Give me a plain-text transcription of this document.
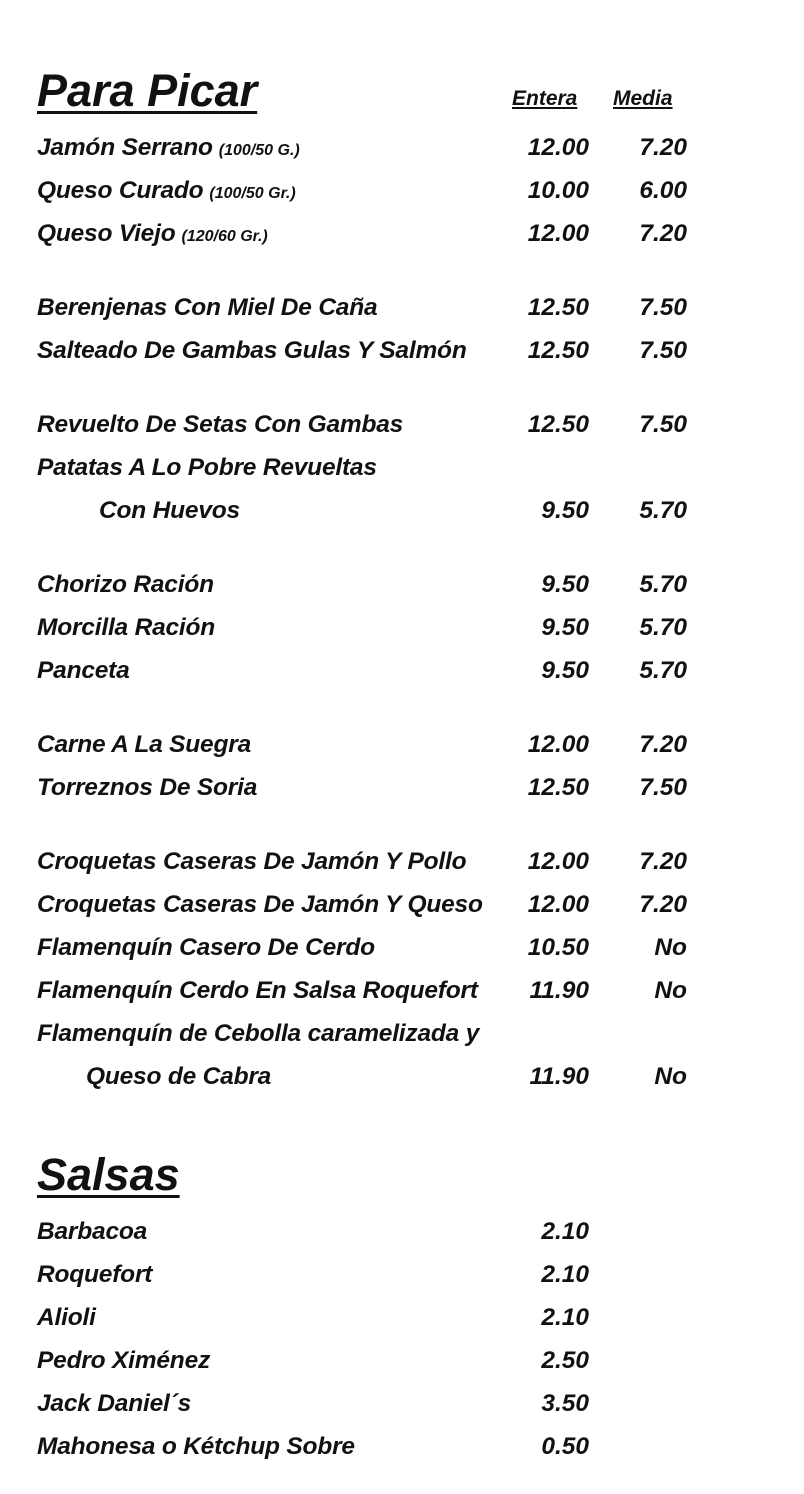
Para Picar	Entera Media
Jamón Serrano (100/50 G.)	12.00 7.20
Queso Curado (100/50 Gr.)	10.00 6.00
Queso Viejo (120/60 Gr.)	12.00 7.20
Berenjenas Con Miel De Caña	12.50 7.50
Salteado De Gambas Gulas Y Salmón 12.50 7.50
Revuelto De Setas Con Gambas	12.50 7.50
Patatas A Lo Pobre Revueltas
Con Huevos	9.50 5.70
Chorizo Ración	9.50 5.70
Morcilla Ración	9.50 5.70
Panceta	9.50 5.70
Carne A La Suegra	12.00 7.20
Torreznos De Soria	12.50 7.50
Croquetas Caseras De Jamón Y Pollo	12.00 7.20
Croquetas Caseras De Jamón Y Queso 12.00 7.20
Flamenquín Casero De Cerdo	10.50	No
Flamenquín Cerdo En Salsa Roquefort 11.90	No
Flamenquín de Cebolla caramelizada y
Queso de Cabra	11.90	No
Salsas
Barbacoa	2.10
Roquefort	2.10
Alioli	2.10
Pedro Ximénez	2.50
Jack Daniel´s	3.50
Mahonesa o Kétchup Sobre	0.50
